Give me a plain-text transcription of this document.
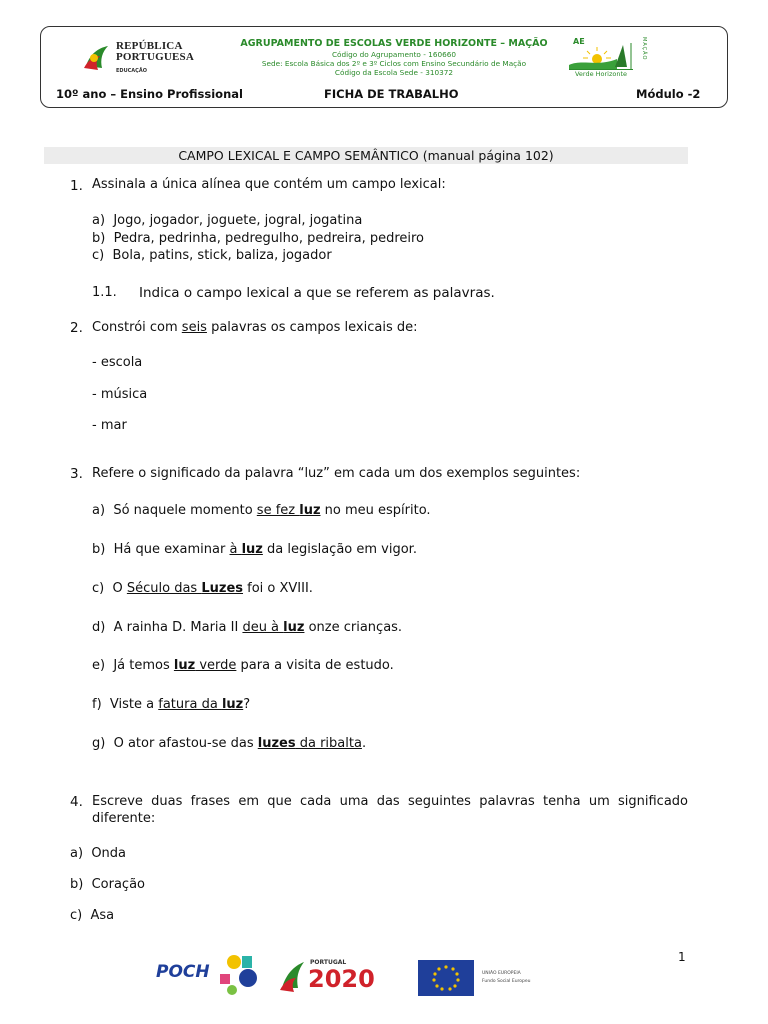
REPÚBLICA
PORTUGUESA
EDUCAÇÃO
AGRUPAMENTO DE ESCOLAS VERDE HORIZONTE – MAÇÃO
Código do Agrupamento - 160660
Sede: Escola Básica dos 2º e 3º Ciclos com Ensino Secundário de Mação
Código da Escola Sede - 310372
AE
Verde Horizonte
MAÇÃO
10º ano – Ensino Profissional	FICHA DE TRABALHO	Módulo -2
CAMPO LEXICAL E CAMPO SEMÂNTICO (manual página 102)
1. Assinala a única alínea que contém um campo lexical:
a) Jogo, jogador, joguete, jogral, jogatina
b) Pedra, pedrinha, pedregulho, pedreira, pedreiro
c) Bola, patins, stick, baliza, jogador
1.1. Indica o campo lexical a que se referem as palavras.
2. Constrói com seis palavras os campos lexicais de:
- escola
- música
- mar
3. Refere o significado da palavra “luz” em cada um dos exemplos seguintes:
a) Só naquele momento se fez luz no meu espírito.
b) Há que examinar à luz da legislação em vigor.
c) O Século das Luzes foi o XVIII.
d) A rainha D. Maria II deu à luz onze crianças.
e) Já temos luz verde para a visita de estudo.
f) Viste a fatura da luz?
g) O ator afastou-se das luzes da ribalta.
4. Escreve duas frases em que cada uma das seguintes palavras tenha um significado
diferente:
a) Onda
b) Coração
c) Asa
1
POCH	PORTUGAL
2020	UNIÃO EUROPEIA
Fundo Social Europeu
